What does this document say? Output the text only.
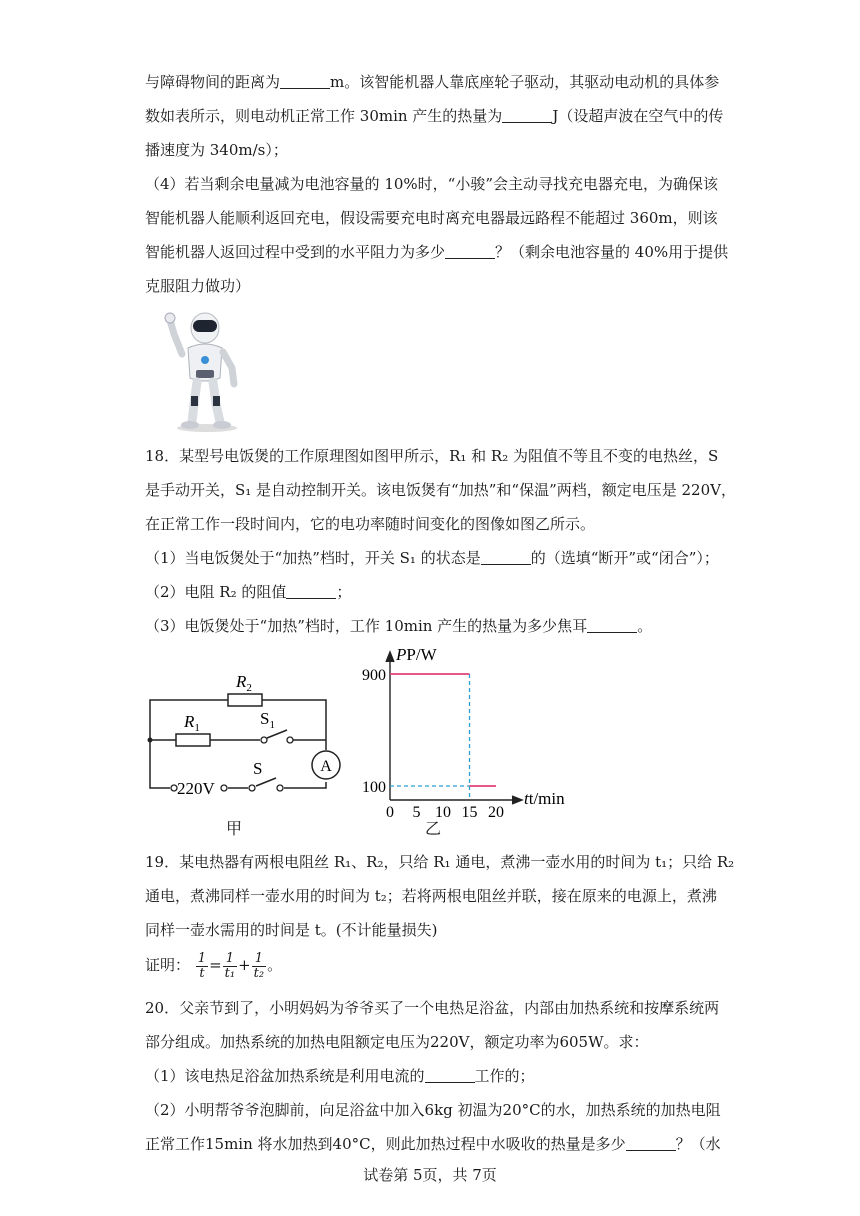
与障碍物间的距离为	m。该智能机器人靠底座轮子驱动，其驱动电动机的具体参
数如表所示，则电动机正常工作 30min 产生的热量为	J（设超声波在空气中的传
播速度为 340m/s）；
（4）若当剩余电量减为电池容量的 10%时，“小骏”会主动寻找充电器充电，为确保该
智能机器人能顺利返回充电，假设需要充电时离充电器最远路程不能超过 360m，则该
智能机器人返回过程中受到的水平阻力为多少	？（剩余电池容量的 40%用于提供
克服阻力做功）
18．某型号电饭煲的工作原理图如图甲所示，R₁ 和 R₂ 为阻值不等且不变的电热丝，S
是手动开关，S₁ 是自动控制开关。该电饭煲有“加热”和“保温”两档，额定电压是 220V，
在正常工作一段时间内，它的电功率随时间变化的图像如图乙所示。
（1）当电饭煲处于“加热”档时，开关 S₁ 的状态是	的（选填“断开”或“闭合”）；
（2）电阻 R₂ 的阻值	；
（3）电饭煲处于“加热”档时，工作 10min 产生的热量为多少焦耳	。
A
$R_2$
$R_1$	$S_1$
S
220V
甲
PP/W
tt/min
0 5 10 15 20
100
900
乙
19．某电热器有两根电阻丝 R₁、R₂，只给 R₁ 通电，煮沸一壶水用的时间为 t₁；只给 R₂
通电，煮沸同样一壶水用的时间为 t₂；若将两根电阻丝并联，接在原来的电源上，煮沸
同样一壶水需用的时间是 t。(不计能量损失)
证明： $\frac{1}{t} = \frac{1}{\text{t₁}} + \frac{1}{\text{t₂}}$ 。
20．父亲节到了，小明妈妈为爷爷买了一个电热足浴盆，内部由加热系统和按摩系统两
部分组成。加热系统的加热电阻额定电压为220V，额定功率为605W。求：
（1）该电热足浴盆加热系统是利用电流的	工作的；
（2）小明帮爷爷泡脚前，向足浴盆中加入6kg 初温为20°C的水，加热系统的加热电阻
正常工作15min 将水加热到40°C，则此加热过程中水吸收的热量是多少	？（水
试卷第 5页，共 7页
